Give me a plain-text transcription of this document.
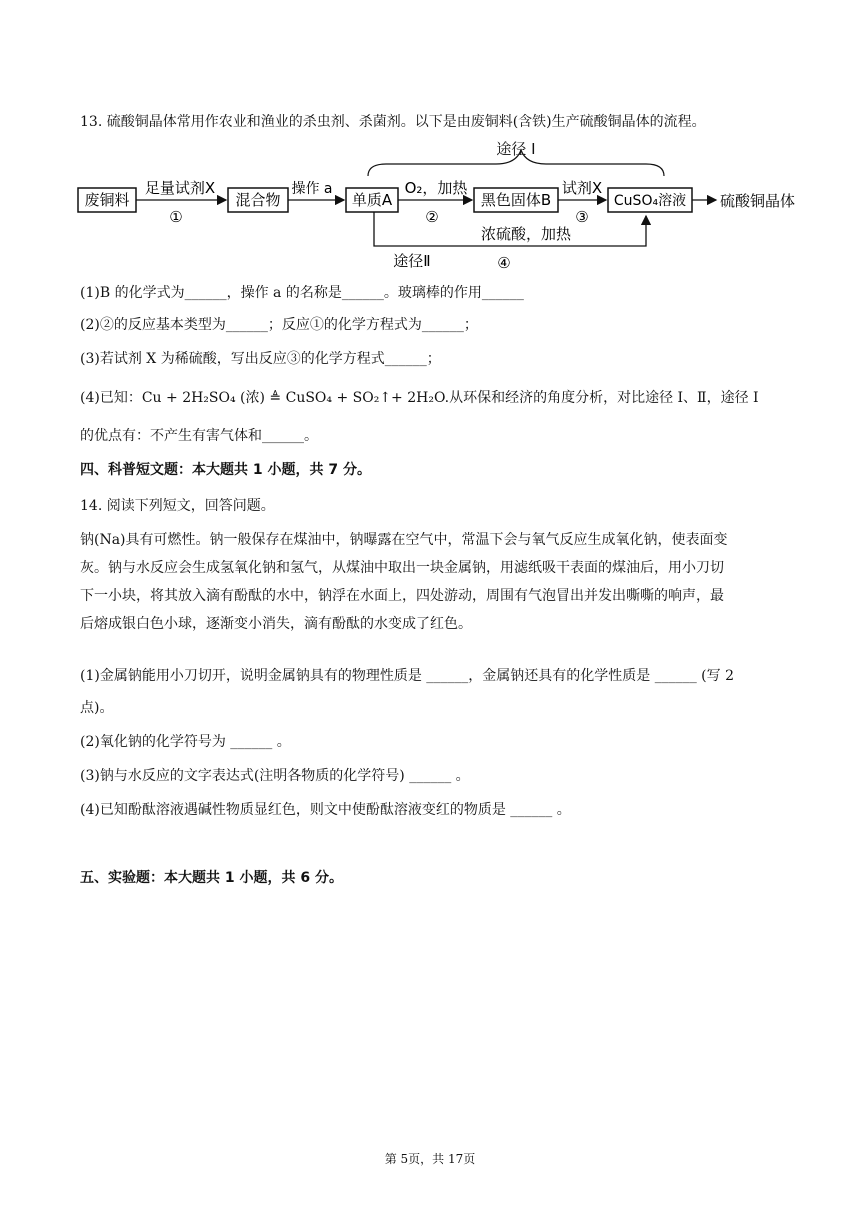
13. 硫酸铜晶体常用作农业和渔业的杀虫剂、杀菌剂。以下是由废铜料(含铁)生产硫酸铜晶体的流程。
途径 I
废铜料	混合物	单质A	黑色固体B	CuSO₄溶液
足量试剂X
①
操作 a	O₂，加热
②
试剂X
③
硫酸铜晶体
浓硫酸，加热
途径Ⅱ	④
(1)B 的化学式为______，操作 a 的名称是______。玻璃棒的作用______
(2)②的反应基本类型为______；反应①的化学方程式为______；
(3)若试剂 X 为稀硫酸，写出反应③的化学方程式______；
(4)已知：Cu + 2H₂SO₄ (浓) ≜ CuSO₄ + SO₂↑+ 2H₂O.从环保和经济的角度分析，对比途径 I、Ⅱ，途径 I
的优点有：不产生有害气体和______。
四、科普短文题：本大题共 1 小题，共 7 分。
14. 阅读下列短文，回答问题。
钠(Na)具有可燃性。钠一般保存在煤油中，钠曝露在空气中，常温下会与氧气反应生成氧化钠，使表面变
灰。钠与水反应会生成氢氧化钠和氢气，从煤油中取出一块金属钠，用滤纸吸干表面的煤油后，用小刀切
下一小块，将其放入滴有酚酞的水中，钠浮在水面上，四处游动，周围有气泡冒出并发出嘶嘶的响声，最
后熔成银白色小球，逐渐变小消失，滴有酚酞的水变成了红色。
(1)金属钠能用小刀切开，说明金属钠具有的物理性质是 ______，金属钠还具有的化学性质是 ______ (写 2
点)。
(2)氧化钠的化学符号为 ______ 。
(3)钠与水反应的文字表达式(注明各物质的化学符号) ______ 。
(4)已知酚酞溶液遇碱性物质显红色，则文中使酚酞溶液变红的物质是 ______ 。
五、实验题：本大题共 1 小题，共 6 分。
第 5页，共 17页
